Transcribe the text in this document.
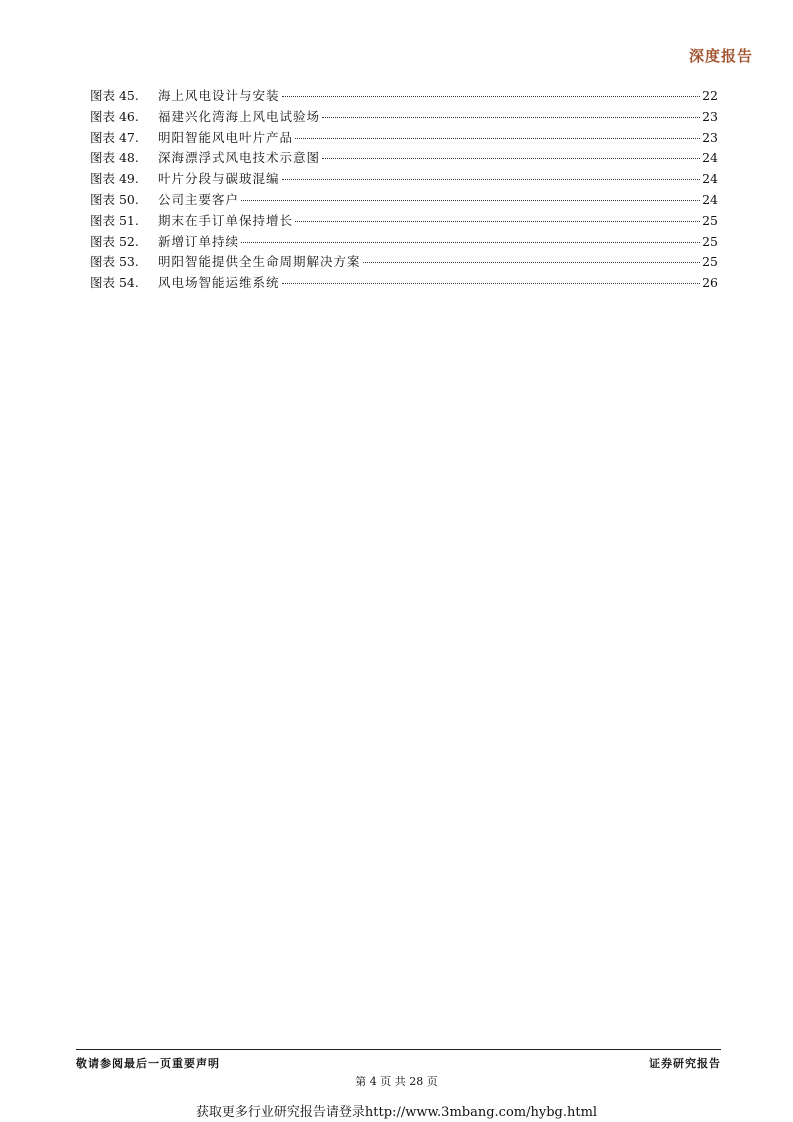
深度报告
图表 45.	海上风电设计与安装	22
图表 46.	福建兴化湾海上风电试验场	23
图表 47.	明阳智能风电叶片产品	23
图表 48.	深海漂浮式风电技术示意图	24
图表 49.	叶片分段与碳玻混编	24
图表 50.	公司主要客户	24
图表 51.	期末在手订单保持增长	25
图表 52.	新增订单持续	25
图表 53.	明阳智能提供全生命周期解决方案	25
图表 54.	风电场智能运维系统	26
敬请参阅最后一页重要声明	证券研究报告
第 4 页 共 28 页
获取更多行业研究报告请登录http://www.3mbang.com/hybg.html
